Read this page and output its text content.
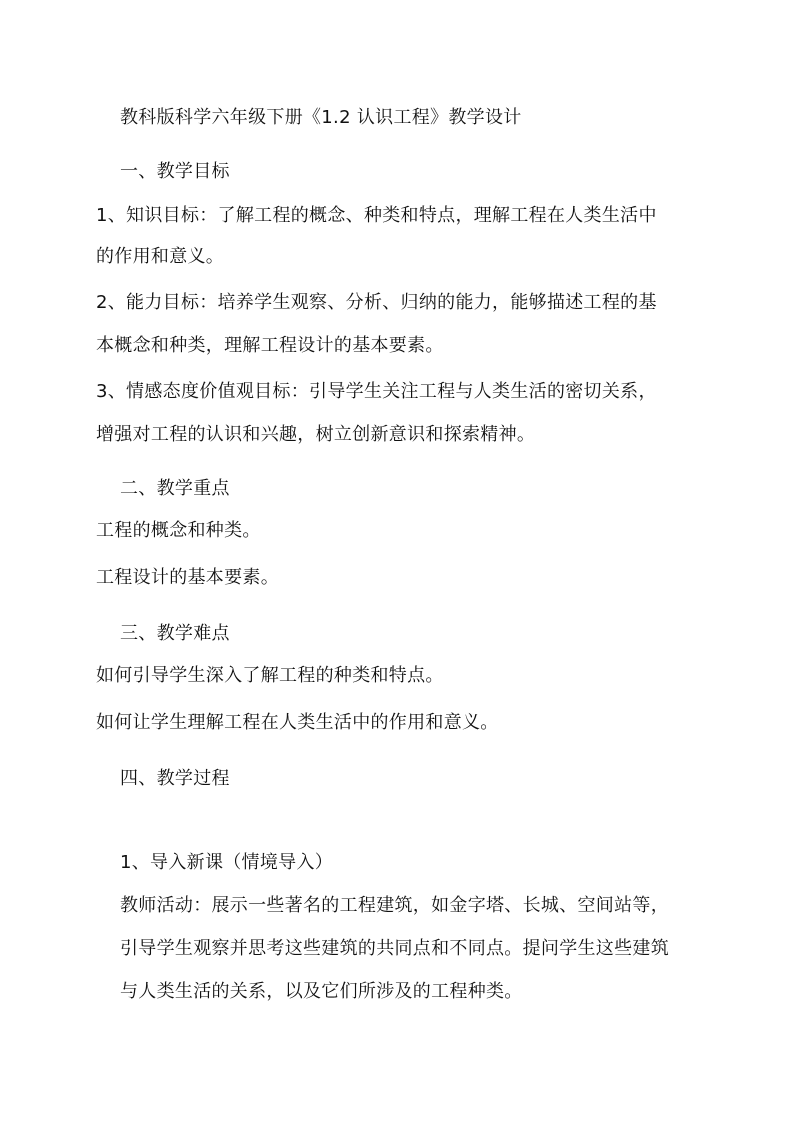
教科版科学六年级下册《1.2 认识工程》教学设计
一、教学目标
1、知识目标：了解工程的概念、种类和特点，理解工程在人类生活中
的作用和意义。
2、能力目标：培养学生观察、分析、归纳的能力，能够描述工程的基
本概念和种类，理解工程设计的基本要素。
3、情感态度价值观目标：引导学生关注工程与人类生活的密切关系，
增强对工程的认识和兴趣，树立创新意识和探索精神。
二、教学重点
工程的概念和种类。
工程设计的基本要素。
三、教学难点
如何引导学生深入了解工程的种类和特点。
如何让学生理解工程在人类生活中的作用和意义。
四、教学过程
1、导入新课（情境导入）
教师活动：展示一些著名的工程建筑，如金字塔、长城、空间站等，
引导学生观察并思考这些建筑的共同点和不同点。提问学生这些建筑
与人类生活的关系，以及它们所涉及的工程种类。
